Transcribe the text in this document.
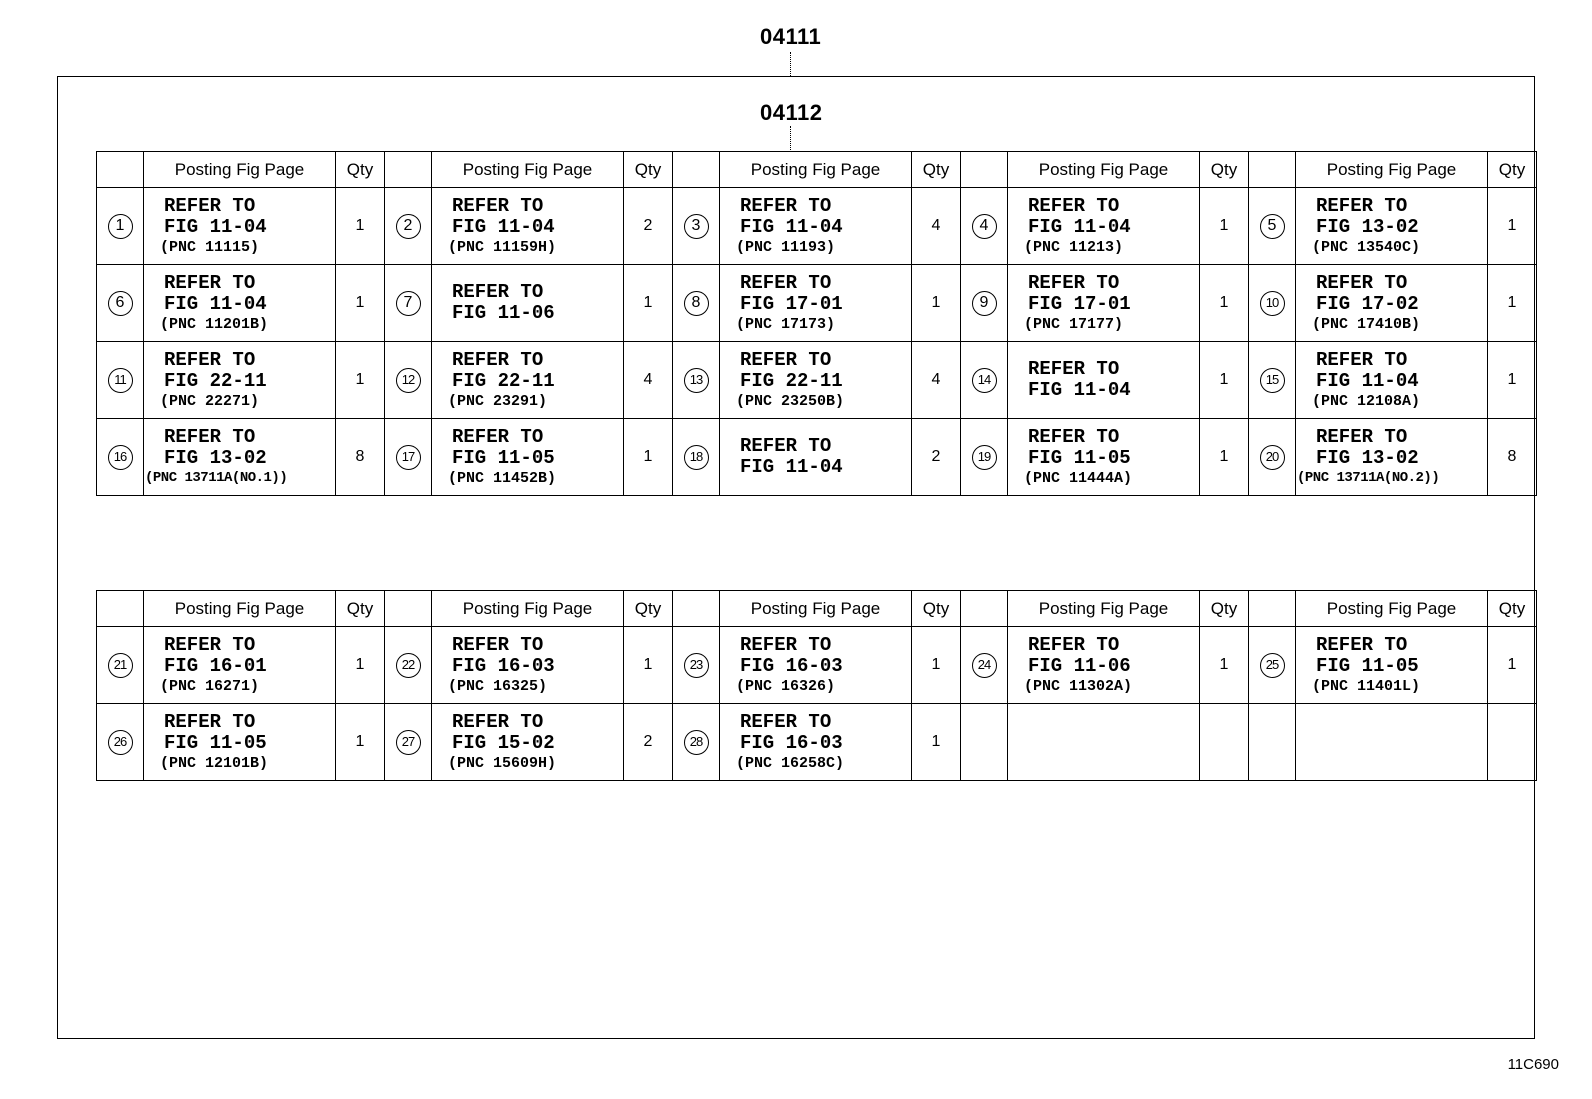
04111
04112
	Posting Fig Page	Qty		Posting Fig Page	Qty		Posting Fig Page	Qty		Posting Fig Page	Qty		Posting Fig Page	Qty
1	REFER TO
FIG 11-04
(PNC 11115)	1	2	REFER TO
FIG 11-04
(PNC 11159H)	2	3	REFER TO
FIG 11-04
(PNC 11193)	4	4	REFER TO
FIG 11-04
(PNC 11213)	1	5	REFER TO
FIG 13-02
(PNC 13540C)	1
6	REFER TO
FIG 11-04
(PNC 11201B)	1	7	REFER TO
FIG 11-06	1	8	REFER TO
FIG 17-01
(PNC 17173)	1	9	REFER TO
FIG 17-01
(PNC 17177)	1	10	REFER TO
FIG 17-02
(PNC 17410B)	1
11	REFER TO
FIG 22-11
(PNC 22271)	1	12	REFER TO
FIG 22-11
(PNC 23291)	4	13	REFER TO
FIG 22-11
(PNC 23250B)	4	14	REFER TO
FIG 11-04	1	15	REFER TO
FIG 11-04
(PNC 12108A)	1
16	REFER TO
FIG 13-02
(PNC 13711A(NO.1))	8	17	REFER TO
FIG 11-05
(PNC 11452B)	1	18	REFER TO
FIG 11-04	2	19	REFER TO
FIG 11-05
(PNC 11444A)	1	20	REFER TO
FIG 13-02
(PNC 13711A(NO.2))	8
	Posting Fig Page	Qty		Posting Fig Page	Qty		Posting Fig Page	Qty		Posting Fig Page	Qty		Posting Fig Page	Qty
21	REFER TO
FIG 16-01
(PNC 16271)	1	22	REFER TO
FIG 16-03
(PNC 16325)	1	23	REFER TO
FIG 16-03
(PNC 16326)	1	24	REFER TO
FIG 11-06
(PNC 11302A)	1	25	REFER TO
FIG 11-05
(PNC 11401L)	1
26	REFER TO
FIG 11-05
(PNC 12101B)	1	27	REFER TO
FIG 15-02
(PNC 15609H)	2	28	REFER TO
FIG 16-03
(PNC 16258C)	1						
11C690
